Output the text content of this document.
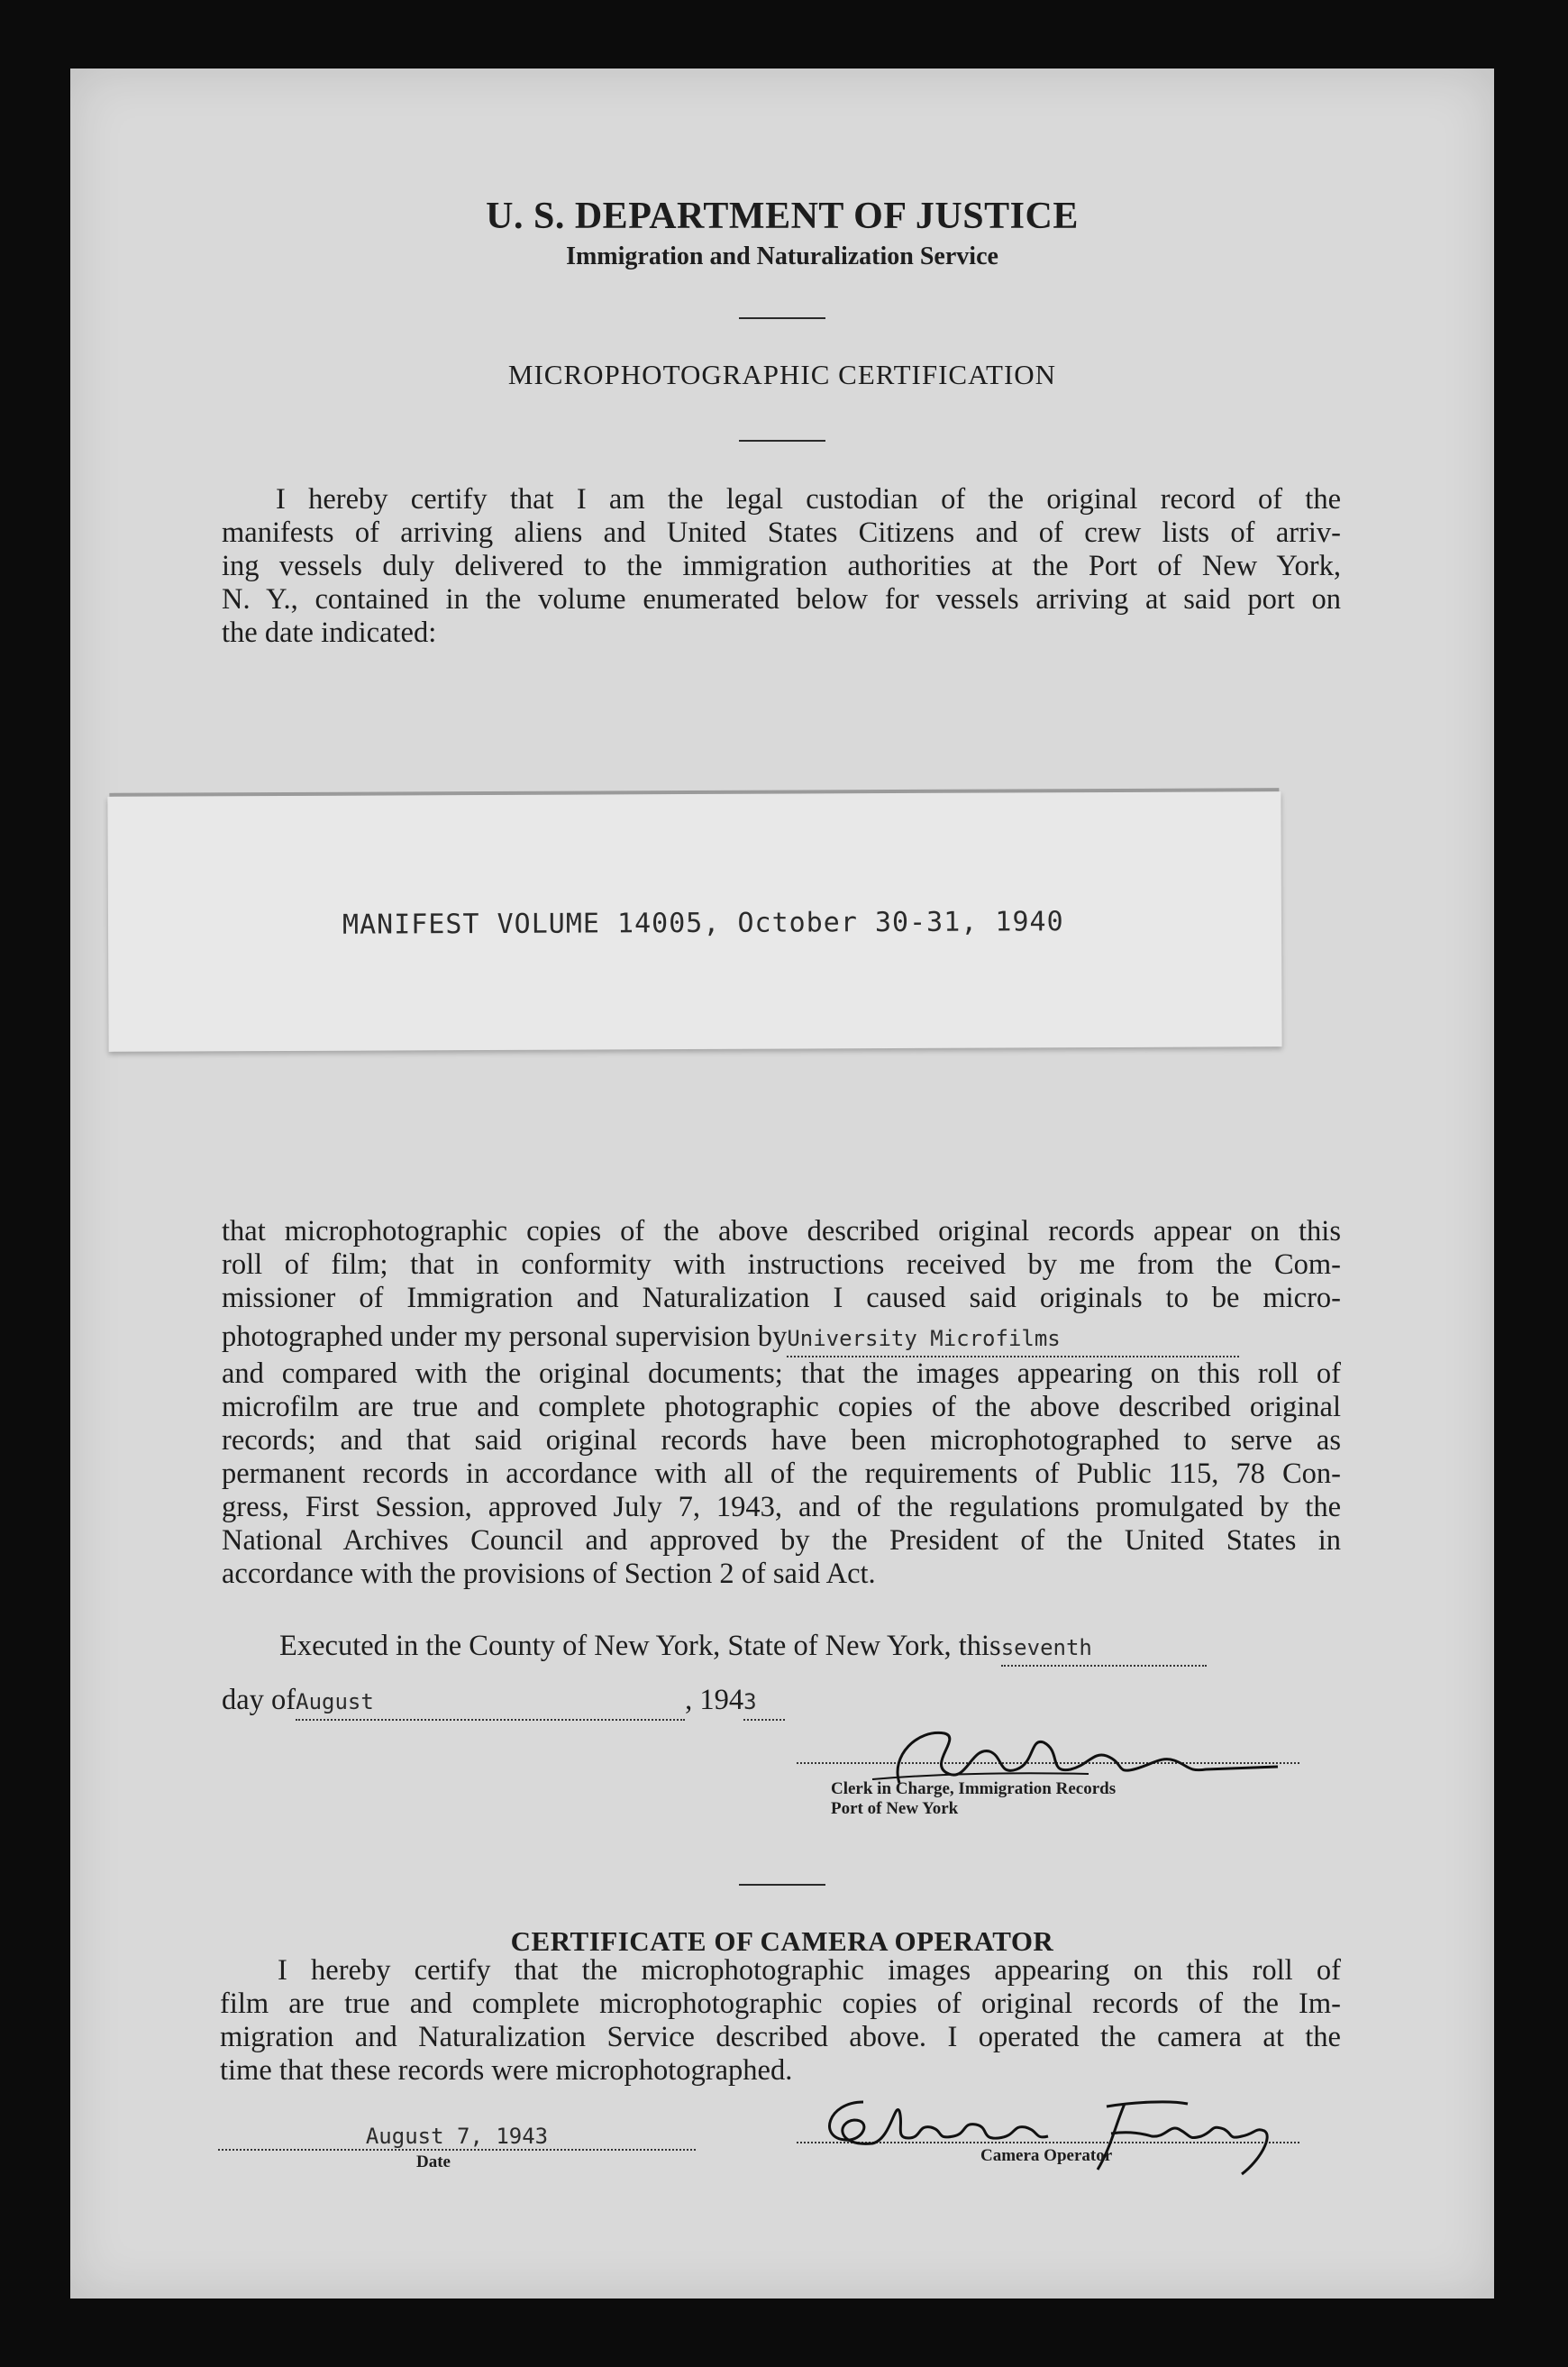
U. S. DEPARTMENT OF JUSTICE
Immigration and Naturalization Service
MICROPHOTOGRAPHIC CERTIFICATION
I hereby certify that I am the legal custodian of the original record of the
manifests of arriving aliens and United States Citizens and of crew lists of arriv-
ing vessels duly delivered to the immigration authorities at the Port of New York,
N. Y., contained in the volume enumerated below for vessels arriving at said port on
the date indicated:
MANIFEST VOLUME 14005, October 30-31, 1940
that microphotographic copies of the above described original records appear on this
roll of film; that in conformity with instructions received by me from the Com-
missioner of Immigration and Naturalization I caused said originals to be micro-
photographed under my personal supervision byUniversity Microfilms
and compared with the original documents; that the images appearing on this roll of
microfilm are true and complete photographic copies of the above described original
records; and that said original records have been microphotographed to serve as
permanent records in accordance with all of the requirements of Public 115, 78 Con-
gress, First Session, approved July 7, 1943, and of the regulations promulgated by the
National Archives Council and approved by the President of the United States in
accordance with the provisions of Section 2 of said Act.
Executed in the County of New York, State of New York, thisseventh
day ofAugust	, 1943
Clerk in Charge, Immigration Records
Port of New York
CERTIFICATE OF CAMERA OPERATOR
I hereby certify that the microphotographic images appearing on this roll of
film are true and complete microphotographic copies of original records of the Im-
migration and Naturalization Service described above. I operated the camera at the
time that these records were microphotographed.
August 7, 1943
Date	Camera Operator
